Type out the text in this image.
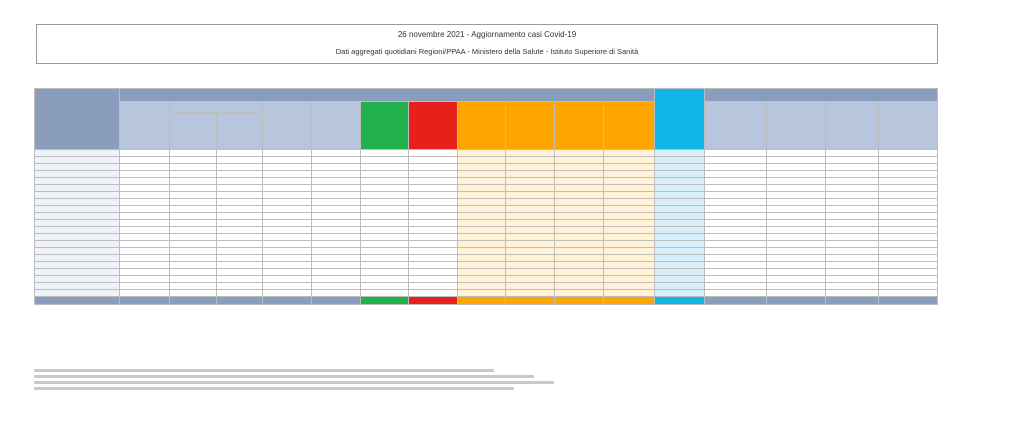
26 novembre 2021 - Aggiornamento casi Covid-19
Dati aggregati quotidiani Regioni/PPAA - Ministero della Salute - Istituto Superiore di Sanità
